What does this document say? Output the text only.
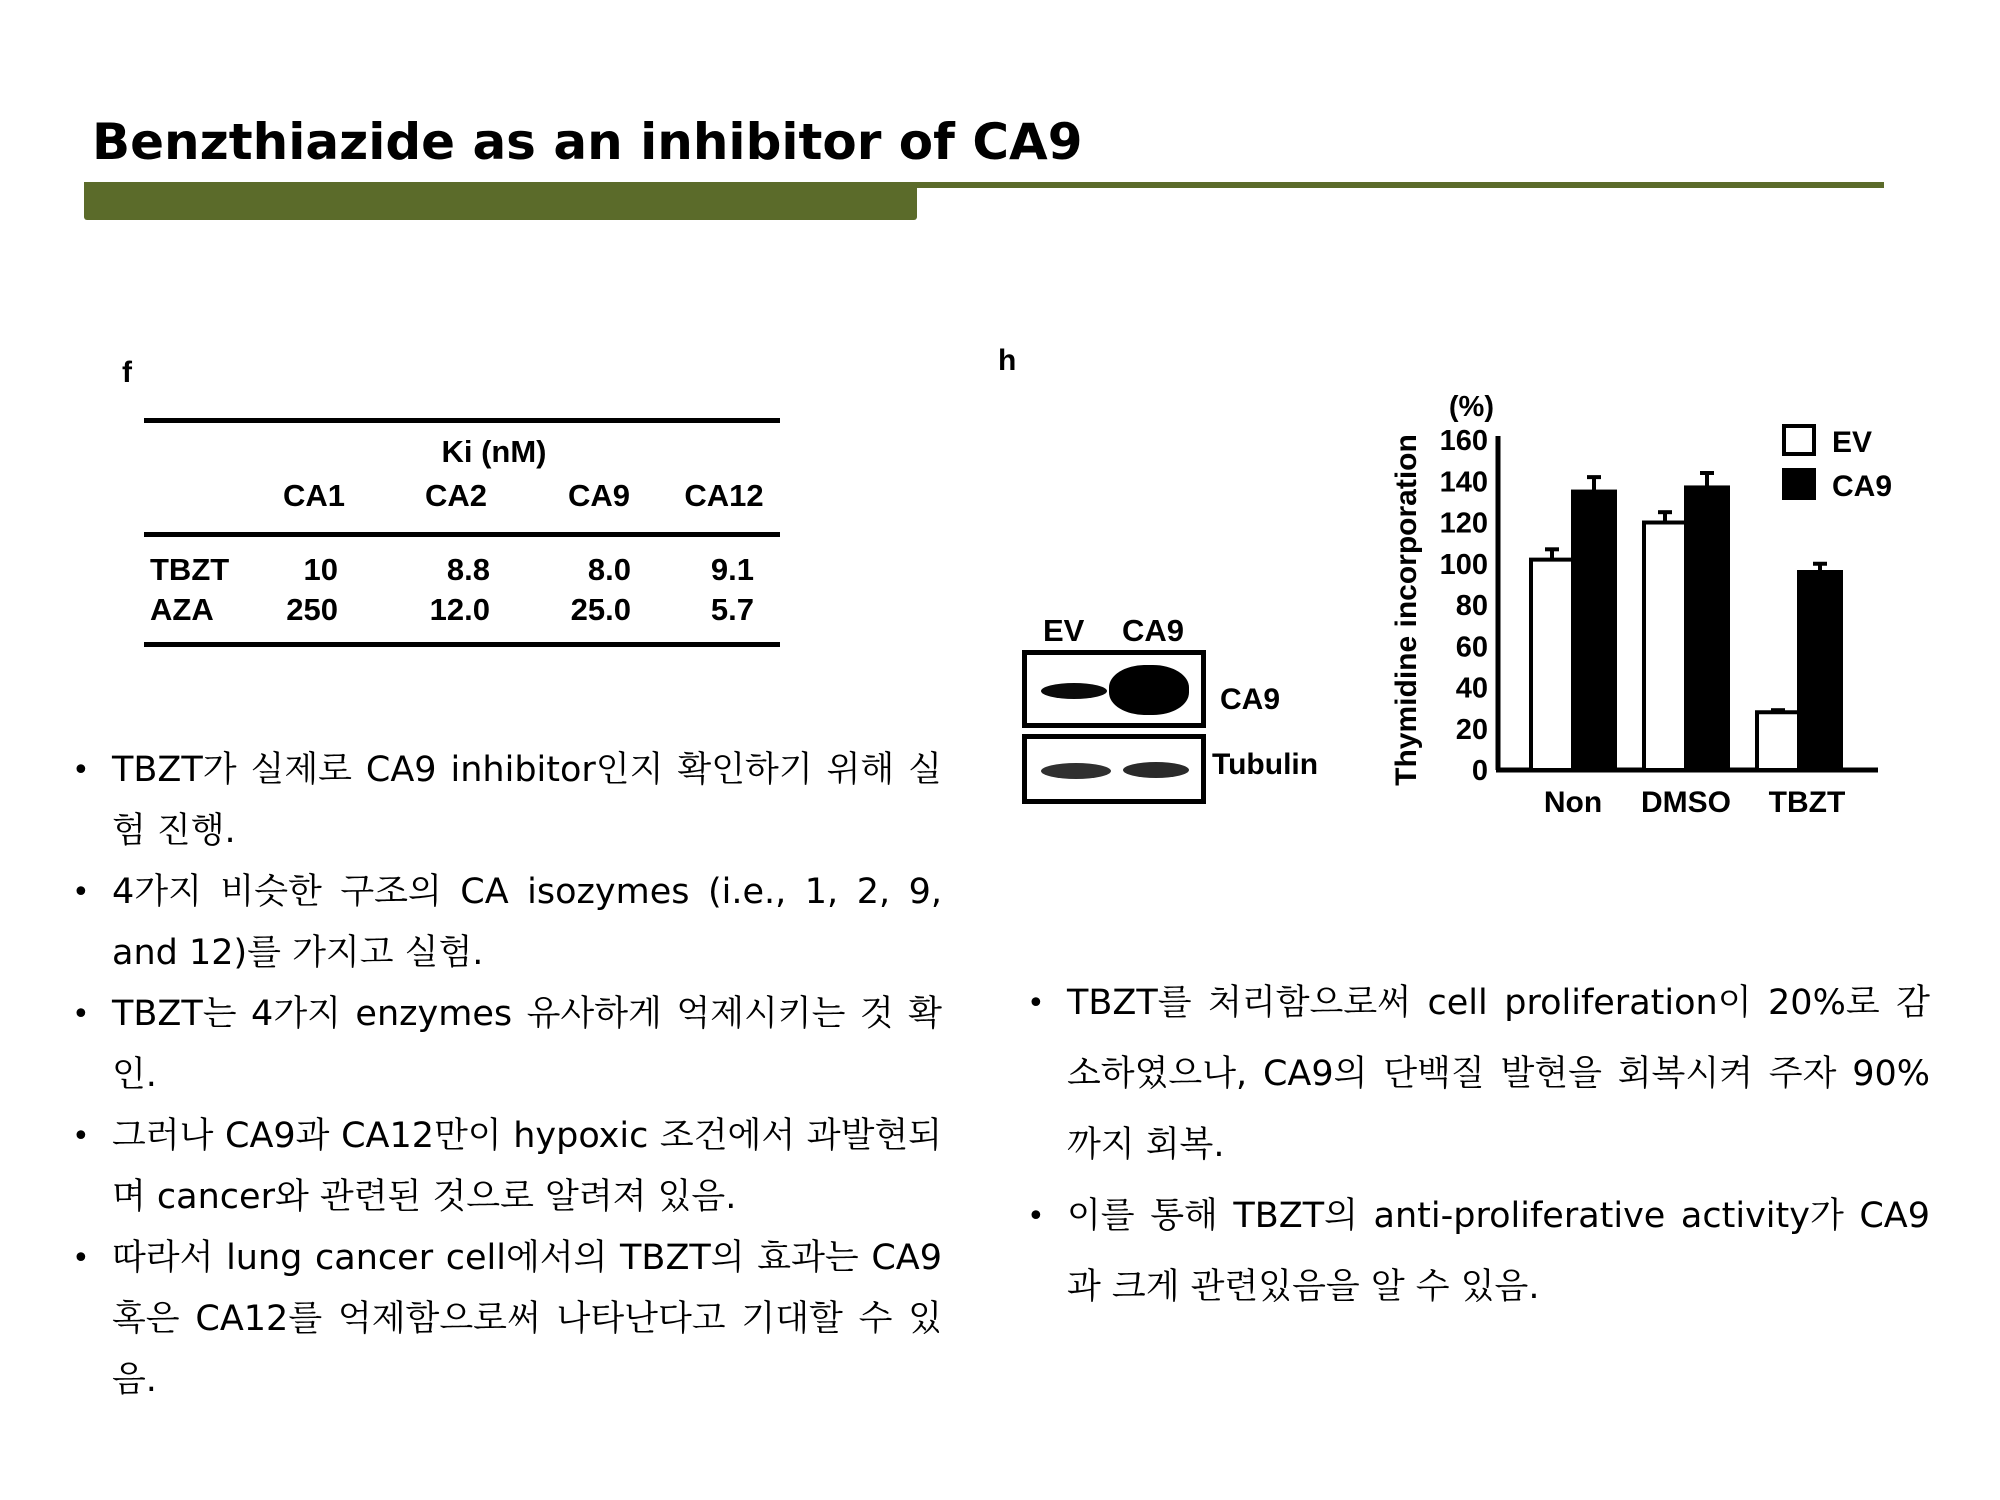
Benzthiazide as an inhibitor of CA9
f
Ki (nM)
CA1	CA2	CA9 CA12
TBZT 10	8.8	8.0	9.1
AZA 250	12.0	25.0	5.7
h
EV CA9
CA9
Tubulin	0
20
40
60
80
100
120
140
160
(%)
Thymidine incorporation
Non DMSO TBZT
EV
CA9
• TBZT가 실제로 CA9 inhibitor인지 확인하기 위해 실험 진행.
• 4가지 비슷한 구조의 CA isozymes (i.e., 1, 2, 9, and 12)를 가지고 실험.
• TBZT는 4가지 enzymes 유사하게 억제시키는 것 확인.
• 그러나 CA9과 CA12만이 hypoxic 조건에서 과발현되며 cancer와 관련된 것으로 알려져 있음.
• 따라서 lung cancer cell에서의 TBZT의 효과는 CA9 혹은 CA12를 억제함으로써 나타난다고 기대할 수 있음.
• TBZT를 처리함으로써 cell proliferation이 20%로 감소하였으나, CA9의 단백질 발현을 회복시켜 주자 90%까지 회복.
• 이를 통해 TBZT의 anti-proliferative activity가 CA9과 크게 관련있음을 알 수 있음.
